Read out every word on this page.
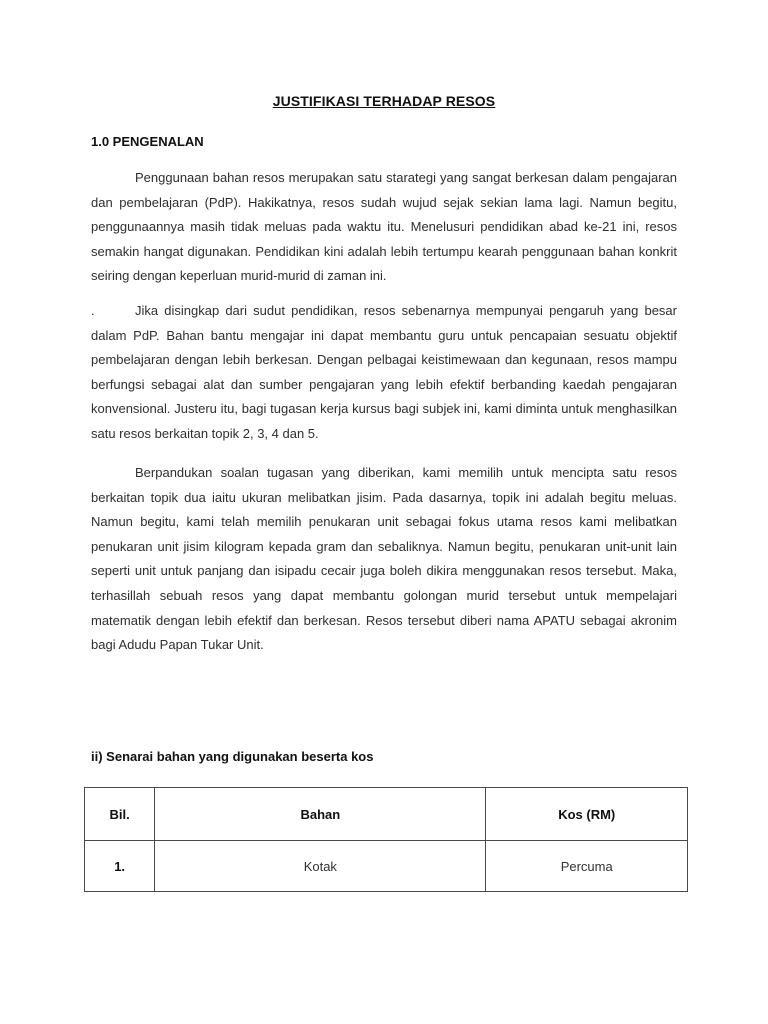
JUSTIFIKASI TERHADAP RESOS
1.0 PENGENALAN

Penggunaan bahan resos merupakan satu starategi yang sangat berkesan dalam pengajaran dan pembelajaran (PdP). Hakikatnya, resos sudah wujud sejak sekian lama lagi. Namun begitu, penggunaannya masih tidak meluas pada waktu itu. Menelusuri pendidikan abad ke-21 ini, resos semakin hangat digunakan. Pendidikan kini adalah lebih tertumpu kearah penggunaan bahan konkrit seiring dengan keperluan murid-murid di zaman ini.

.	Jika disingkap dari sudut pendidikan, resos sebenarnya mempunyai pengaruh yang besar dalam PdP. Bahan bantu mengajar ini dapat membantu guru untuk pencapaian sesuatu objektif pembelajaran dengan lebih berkesan. Dengan pelbagai keistimewaan dan kegunaan, resos mampu berfungsi sebagai alat dan sumber pengajaran yang lebih efektif berbanding kaedah pengajaran konvensional. Justeru itu, bagi tugasan kerja kursus bagi subjek ini, kami diminta untuk menghasilkan satu resos berkaitan topik 2, 3, 4 dan 5.

Berpandukan soalan tugasan yang diberikan, kami memilih untuk mencipta satu resos berkaitan topik dua iaitu ukuran melibatkan jisim. Pada dasarnya, topik ini adalah begitu meluas. Namun begitu, kami telah memilih penukaran unit sebagai fokus utama resos kami melibatkan penukaran unit jisim kilogram kepada gram dan sebaliknya. Namun begitu, penukaran unit-unit lain seperti unit untuk panjang dan isipadu cecair juga boleh dikira menggunakan resos tersebut. Maka, terhasillah sebuah resos yang dapat membantu golongan murid tersebut untuk mempelajari matematik dengan lebih efektif dan berkesan. Resos tersebut diberi nama APATU sebagai akronim bagi Adudu Papan Tukar Unit.

ii) Senarai bahan yang digunakan beserta kos
Bil.	Bahan	Kos (RM)
1.	Kotak	Percuma
